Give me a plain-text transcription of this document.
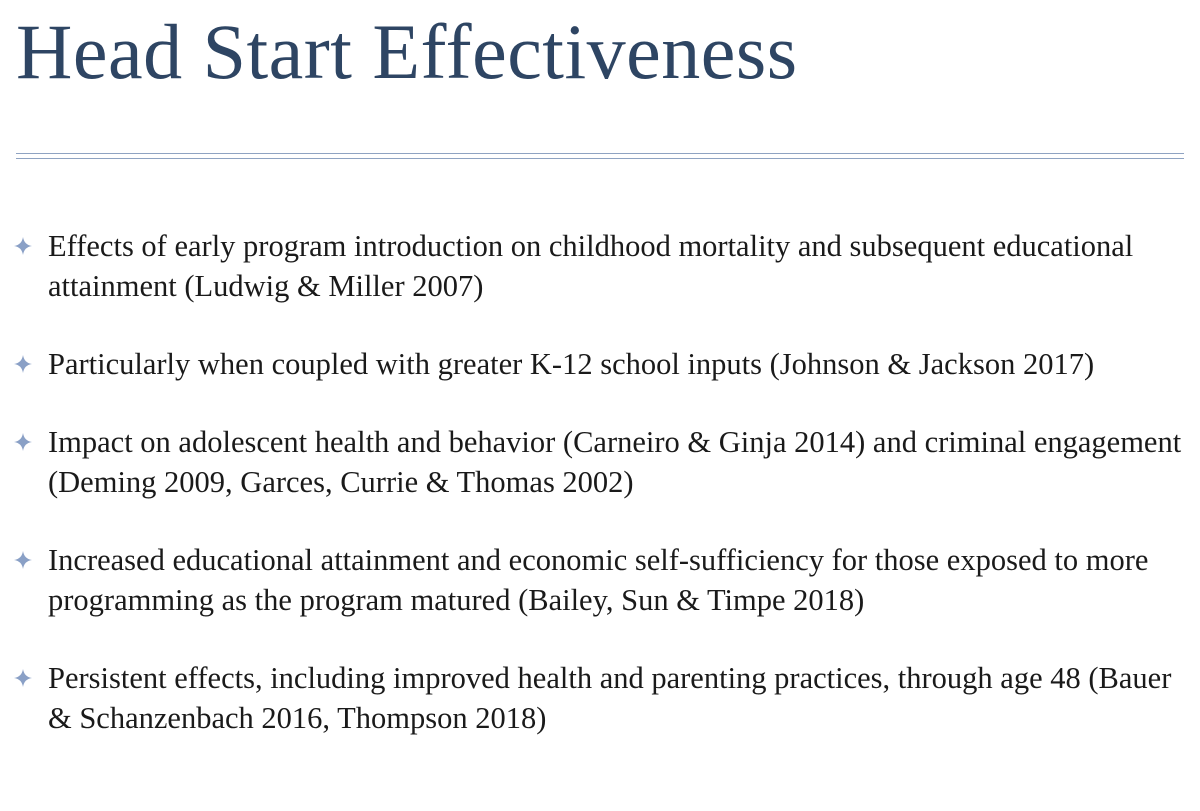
Head Start Effectiveness
Effects of early program introduction on childhood mortality and subsequent educational attainment (Ludwig & Miller 2007)
Particularly when coupled with greater K-12 school inputs (Johnson & Jackson 2017)
Impact on adolescent health and behavior (Carneiro & Ginja 2014) and criminal engagement (Deming 2009, Garces, Currie & Thomas 2002)
Increased educational attainment and economic self-sufficiency for those exposed to more programming as the program matured (Bailey, Sun & Timpe 2018)
Persistent effects, including improved health and parenting practices, through age 48 (Bauer & Schanzenbach 2016, Thompson 2018)
